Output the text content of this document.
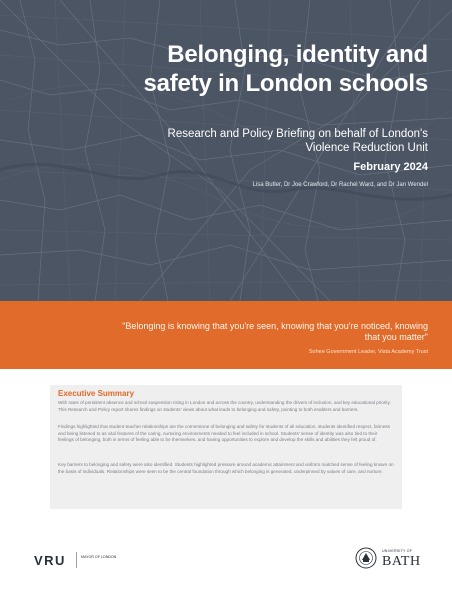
Belonging, identity and safety in London schools

Research and Policy Briefing on behalf of London's Violence Reduction Unit

February 2024

Lisa Butler, Dr Joe Crawford, Dr Rachel Ward, and Dr Jan Wendel

"Belonging is knowing that you're seen, knowing that you're noticed, knowing that you matter"

Sohee Government Leader, Vista Academy Trust

Executive Summary

With rates of persistent absence and school suspension rising in London and across the country, understanding the drivers of inclusion, and key educational priority. This Research and Policy report shares findings on students' views about what leads to belonging and safety, pointing to both enablers and barriers.

Findings highlighted that student-teacher relationships are the cornerstone of belonging and safety for students of all education, students identified respect, fairness and being listened to as vital features of the caring, nurturing environments needed to feel included in school. Students' sense of identity was also tied to their feelings of belonging, both in terms of feeling able to be themselves, and having opportunities to explore and develop the skills and abilities they felt proud of.

Key barriers to belonging and safety were also identified. Students highlighted pressure around academic attainment and uniform matched sense of feeling known on the basis of individuals. Relationships were seen to be the central foundation through which belonging is generated, underpinned by values of care, and nurture.

VRU	MAYOR OF LONDON

UNIVERSITY OF

BATH
